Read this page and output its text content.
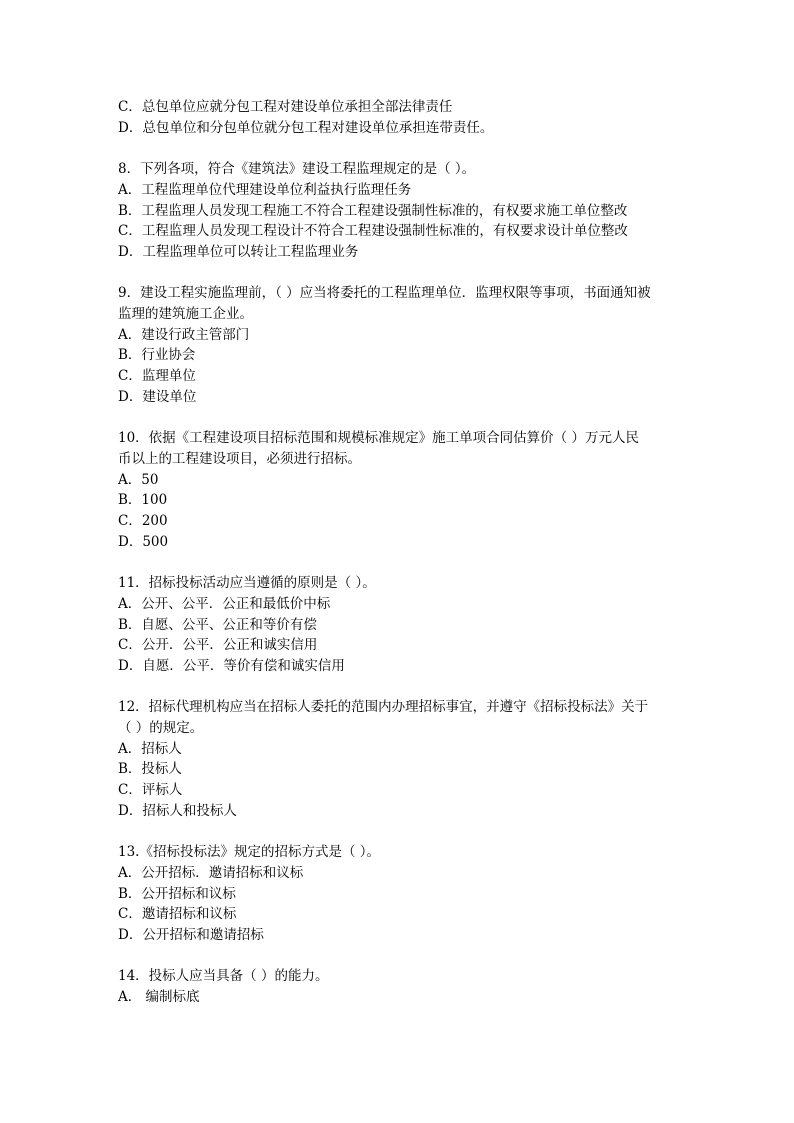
C．总包单位应就分包工程对建设单位承担全部法律责任
D．总包单位和分包单位就分包工程对建设单位承担连带责任。
8．下列各项，符合《建筑法》建设工程监理规定的是（ ）。
A．工程监理单位代理建设单位利益执行监理任务
B．工程监理人员发现工程施工不符合工程建设强制性标准的，有权要求施工单位整改
C．工程监理人员发现工程设计不符合工程建设强制性标准的，有权要求设计单位整改
D．工程监理单位可以转让工程监理业务
9．建设工程实施监理前，（ ）应当将委托的工程监理单位．监理权限等事项，书面通知被
监理的建筑施工企业。
A．建设行政主管部门
B．行业协会
C．监理单位
D．建设单位
10．依据《工程建设项目招标范围和规模标准规定》施工单项合同估算价（ ）万元人民
币以上的工程建设项目，必须进行招标。
A．50
B．100
C．200
D．500
11．招标投标活动应当遵循的原则是（ ）。
A．公开、公平．公正和最低价中标
B．自愿、公平、公正和等价有偿
C．公开．公平．公正和诚实信用
D．自愿．公平．等价有偿和诚实信用
12．招标代理机构应当在招标人委托的范围内办理招标事宜，并遵守《招标投标法》关于
（ ）的规定。
A．招标人
B．投标人
C．评标人
D．招标人和投标人
13.《招标投标法》规定的招标方式是（ ）。
A．公开招标．邀请招标和议标
B．公开招标和议标
C．邀请招标和议标
D．公开招标和邀请招标
14．投标人应当具备（ ）的能力。
A． 编制标底
